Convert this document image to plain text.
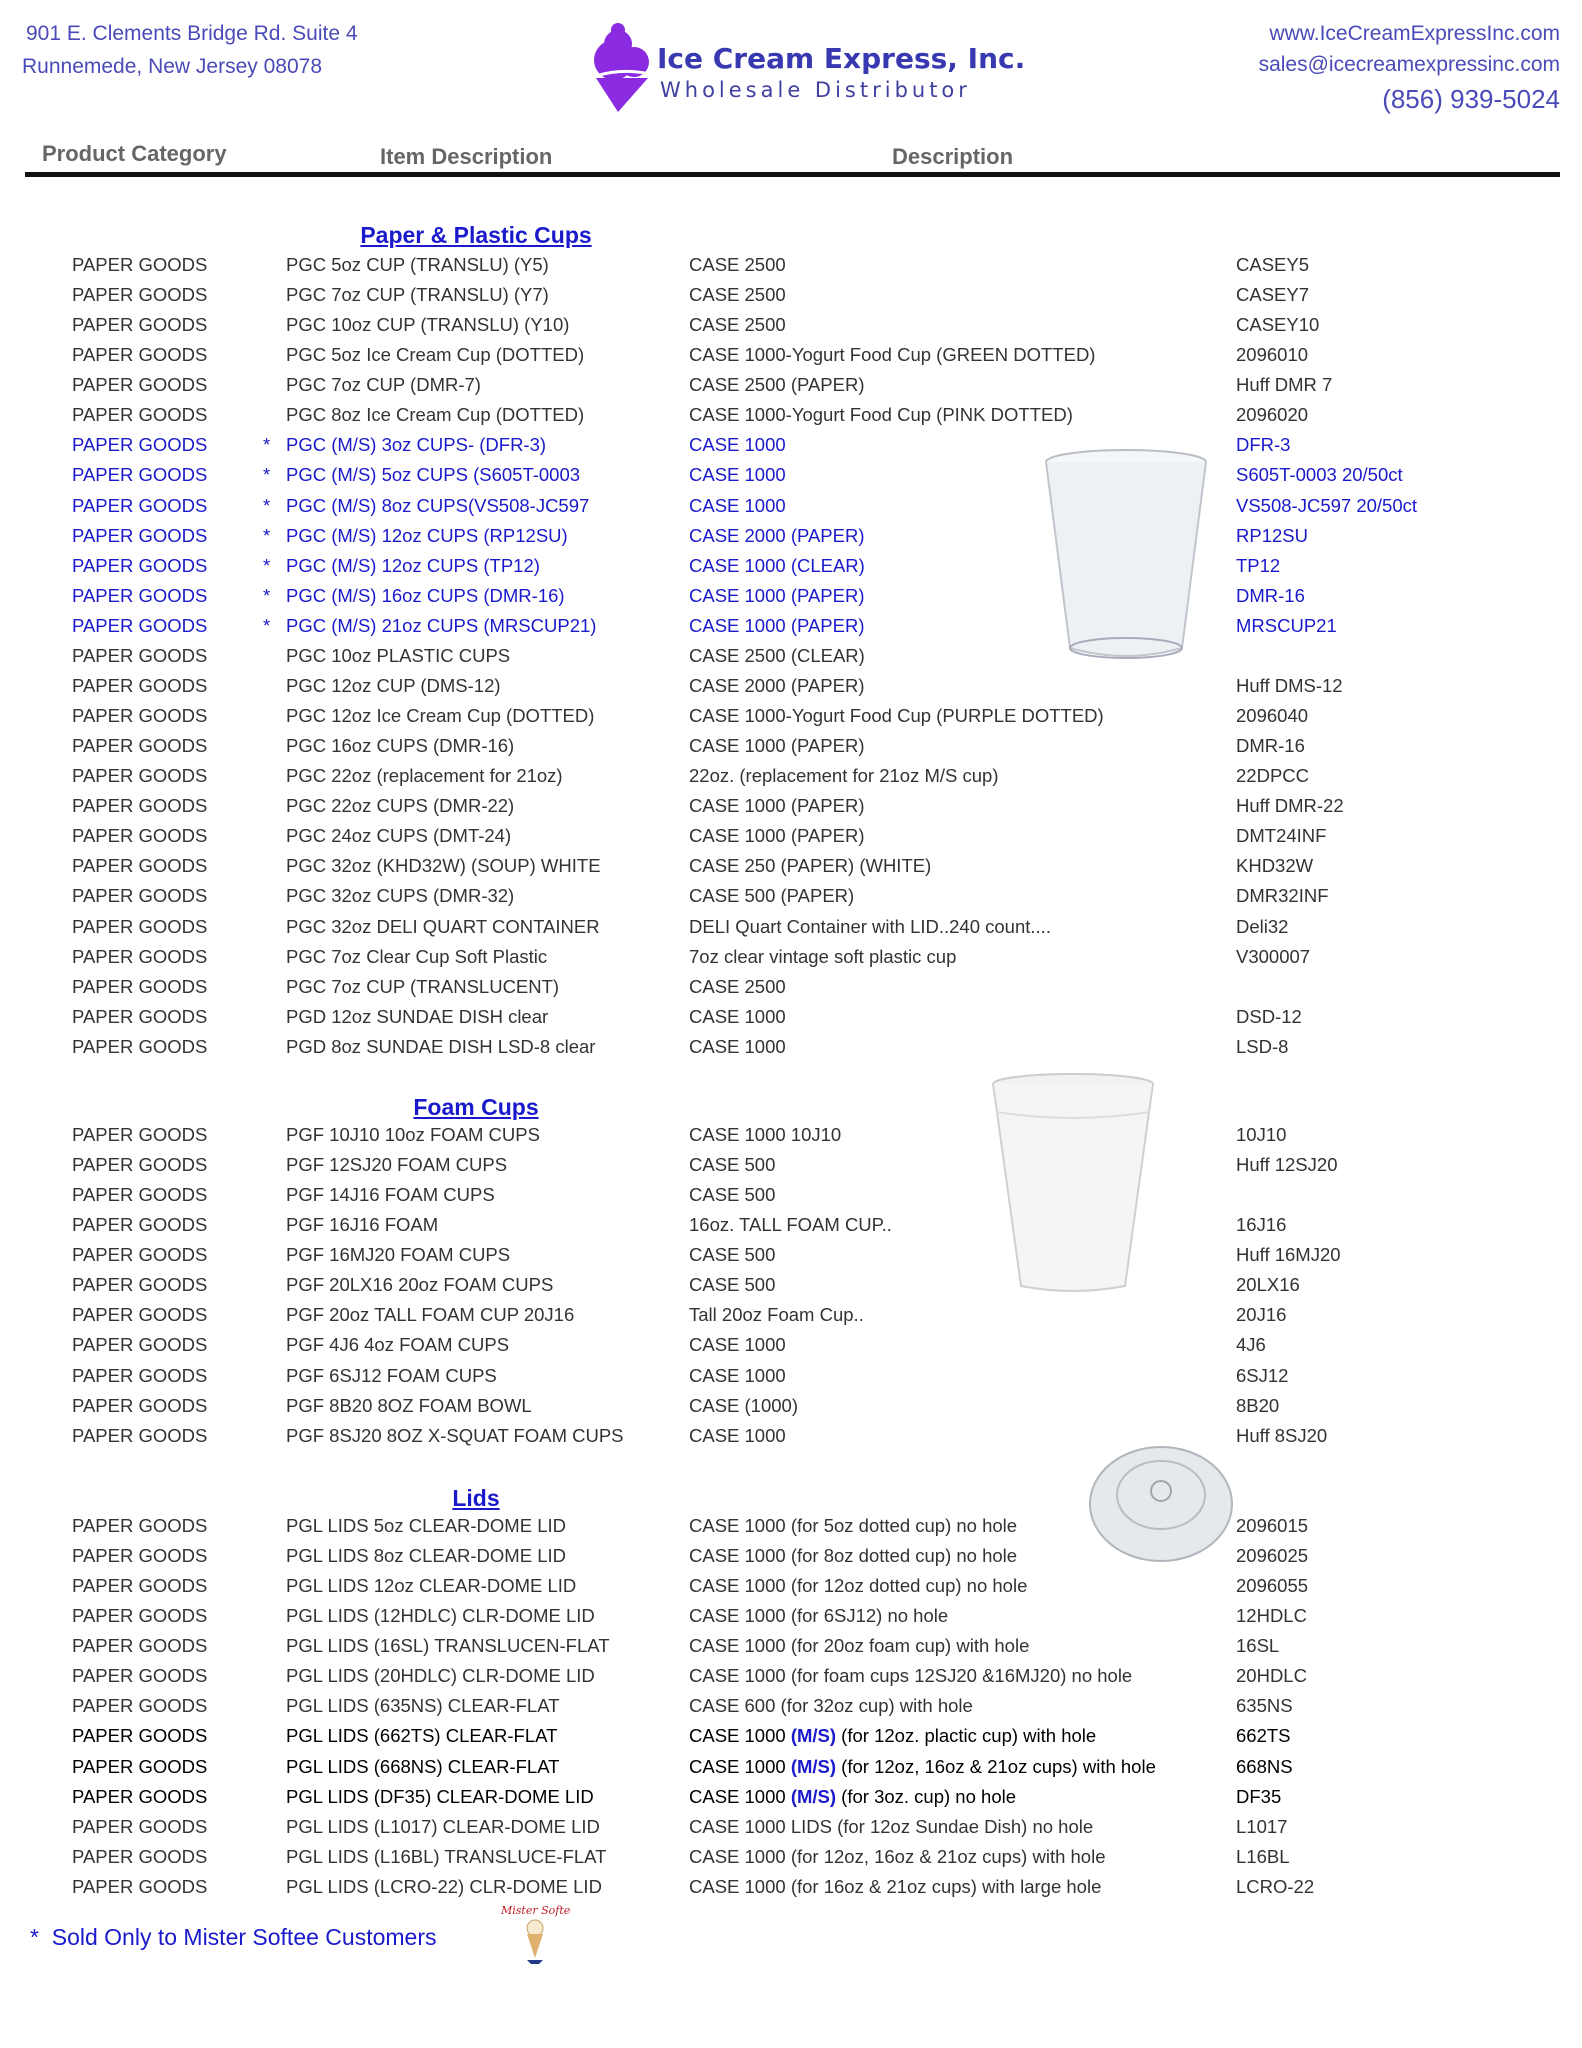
901 E. Clements Bridge Rd. Suite 4
Runnemede, New Jersey 08078	Ice Cream Express, Inc.
Wholesale Distributor
www.IceCreamExpressInc.com
sales@icecreamexpressinc.com
(856) 939-5024
Product Category	Item Description	Description
Paper & Plastic Cups
PAPER GOODS	PGC 5oz CUP (TRANSLU) (Y5)	CASE 2500	CASEY5
PAPER GOODS	PGC 7oz CUP (TRANSLU) (Y7)	CASE 2500	CASEY7
PAPER GOODS	PGC 10oz CUP (TRANSLU) (Y10)	CASE 2500	CASEY10
PAPER GOODS	PGC 5oz Ice Cream Cup (DOTTED)	CASE 1000-Yogurt Food Cup (GREEN DOTTED)	2096010
PAPER GOODS	PGC 7oz CUP (DMR-7)	CASE 2500 (PAPER)	Huff DMR 7
PAPER GOODS	PGC 8oz Ice Cream Cup (DOTTED)	CASE 1000-Yogurt Food Cup (PINK DOTTED)	2096020
PAPER GOODS	* PGC (M/S) 3oz CUPS- (DFR-3)	CASE 1000	DFR-3
PAPER GOODS	* PGC (M/S) 5oz CUPS (S605T-0003	CASE 1000	S605T-0003 20/50ct
PAPER GOODS	* PGC (M/S) 8oz CUPS(VS508-JC597	CASE 1000	VS508-JC597 20/50ct
PAPER GOODS	* PGC (M/S) 12oz CUPS (RP12SU)	CASE 2000 (PAPER)	RP12SU
PAPER GOODS	* PGC (M/S) 12oz CUPS (TP12)	CASE 1000 (CLEAR)	TP12
PAPER GOODS	* PGC (M/S) 16oz CUPS (DMR-16)	CASE 1000 (PAPER)	DMR-16
PAPER GOODS	* PGC (M/S) 21oz CUPS (MRSCUP21)	CASE 1000 (PAPER)	MRSCUP21
PAPER GOODS	PGC 10oz PLASTIC CUPS	CASE 2500 (CLEAR)
PAPER GOODS	PGC 12oz CUP (DMS-12)	CASE 2000 (PAPER)	Huff DMS-12
PAPER GOODS	PGC 12oz Ice Cream Cup (DOTTED)	CASE 1000-Yogurt Food Cup (PURPLE DOTTED)	2096040
PAPER GOODS	PGC 16oz CUPS (DMR-16)	CASE 1000 (PAPER)	DMR-16
PAPER GOODS	PGC 22oz (replacement for 21oz)	22oz. (replacement for 21oz M/S cup)	22DPCC
PAPER GOODS	PGC 22oz CUPS (DMR-22)	CASE 1000 (PAPER)	Huff DMR-22
PAPER GOODS	PGC 24oz CUPS (DMT-24)	CASE 1000 (PAPER)	DMT24INF
PAPER GOODS	PGC 32oz (KHD32W) (SOUP) WHITE	CASE 250 (PAPER) (WHITE)	KHD32W
PAPER GOODS	PGC 32oz CUPS (DMR-32)	CASE 500 (PAPER)	DMR32INF
PAPER GOODS	PGC 32oz DELI QUART CONTAINER	DELI Quart Container with LID..240 count....	Deli32
PAPER GOODS	PGC 7oz Clear Cup Soft Plastic	7oz clear vintage soft plastic cup	V300007
PAPER GOODS	PGC 7oz CUP (TRANSLUCENT)	CASE 2500
PAPER GOODS	PGD 12oz SUNDAE DISH clear	CASE 1000	DSD-12
PAPER GOODS	PGD 8oz SUNDAE DISH LSD-8 clear	CASE 1000	LSD-8
Foam Cups
PAPER GOODS	PGF 10J10 10oz FOAM CUPS	CASE 1000 10J10	10J10
PAPER GOODS	PGF 12SJ20 FOAM CUPS	CASE 500	Huff 12SJ20
PAPER GOODS	PGF 14J16 FOAM CUPS	CASE 500
PAPER GOODS	PGF 16J16 FOAM	16oz. TALL FOAM CUP..	16J16
PAPER GOODS	PGF 16MJ20 FOAM CUPS	CASE 500	Huff 16MJ20
PAPER GOODS	PGF 20LX16 20oz FOAM CUPS	CASE 500	20LX16
PAPER GOODS	PGF 20oz TALL FOAM CUP 20J16	Tall 20oz Foam Cup..	20J16
PAPER GOODS	PGF 4J6 4oz FOAM CUPS	CASE 1000	4J6
PAPER GOODS	PGF 6SJ12 FOAM CUPS	CASE 1000	6SJ12
PAPER GOODS	PGF 8B20 8OZ FOAM BOWL	CASE (1000)	8B20
PAPER GOODS	PGF 8SJ20 8OZ X-SQUAT FOAM CUPS	CASE 1000	Huff 8SJ20
Lids
PAPER GOODS	PGL LIDS 5oz CLEAR-DOME LID	CASE 1000 (for 5oz dotted cup) no hole	2096015
PAPER GOODS	PGL LIDS 8oz CLEAR-DOME LID	CASE 1000 (for 8oz dotted cup) no hole	2096025
PAPER GOODS	PGL LIDS 12oz CLEAR-DOME LID	CASE 1000 (for 12oz dotted cup) no hole	2096055
PAPER GOODS	PGL LIDS (12HDLC) CLR-DOME LID	CASE 1000 (for 6SJ12) no hole	12HDLC
PAPER GOODS	PGL LIDS (16SL) TRANSLUCEN-FLAT	CASE 1000 (for 20oz foam cup) with hole	16SL
PAPER GOODS	PGL LIDS (20HDLC) CLR-DOME LID	CASE 1000 (for foam cups 12SJ20 &16MJ20) no hole	20HDLC
PAPER GOODS	PGL LIDS (635NS) CLEAR-FLAT	CASE 600 (for 32oz cup) with hole	635NS
PAPER GOODS	PGL LIDS (662TS) CLEAR-FLAT	CASE 1000 (M/S) (for 12oz. plactic cup) with hole	662TS
PAPER GOODS	PGL LIDS (668NS) CLEAR-FLAT	CASE 1000 (M/S) (for 12oz, 16oz & 21oz cups) with hole	668NS
PAPER GOODS	PGL LIDS (DF35) CLEAR-DOME LID	CASE 1000 (M/S) (for 3oz. cup) no hole	DF35
PAPER GOODS	PGL LIDS (L1017) CLEAR-DOME LID	CASE 1000 LIDS (for 12oz Sundae Dish) no hole	L1017
PAPER GOODS	PGL LIDS (L16BL) TRANSLUCE-FLAT	CASE 1000 (for 12oz, 16oz & 21oz cups) with hole	L16BL
PAPER GOODS	PGL LIDS (LCRO-22) CLR-DOME LID	CASE 1000 (for 16oz & 21oz cups) with large hole	LCRO-22
* Sold Only to Mister Softee Customers
Mister Softee
